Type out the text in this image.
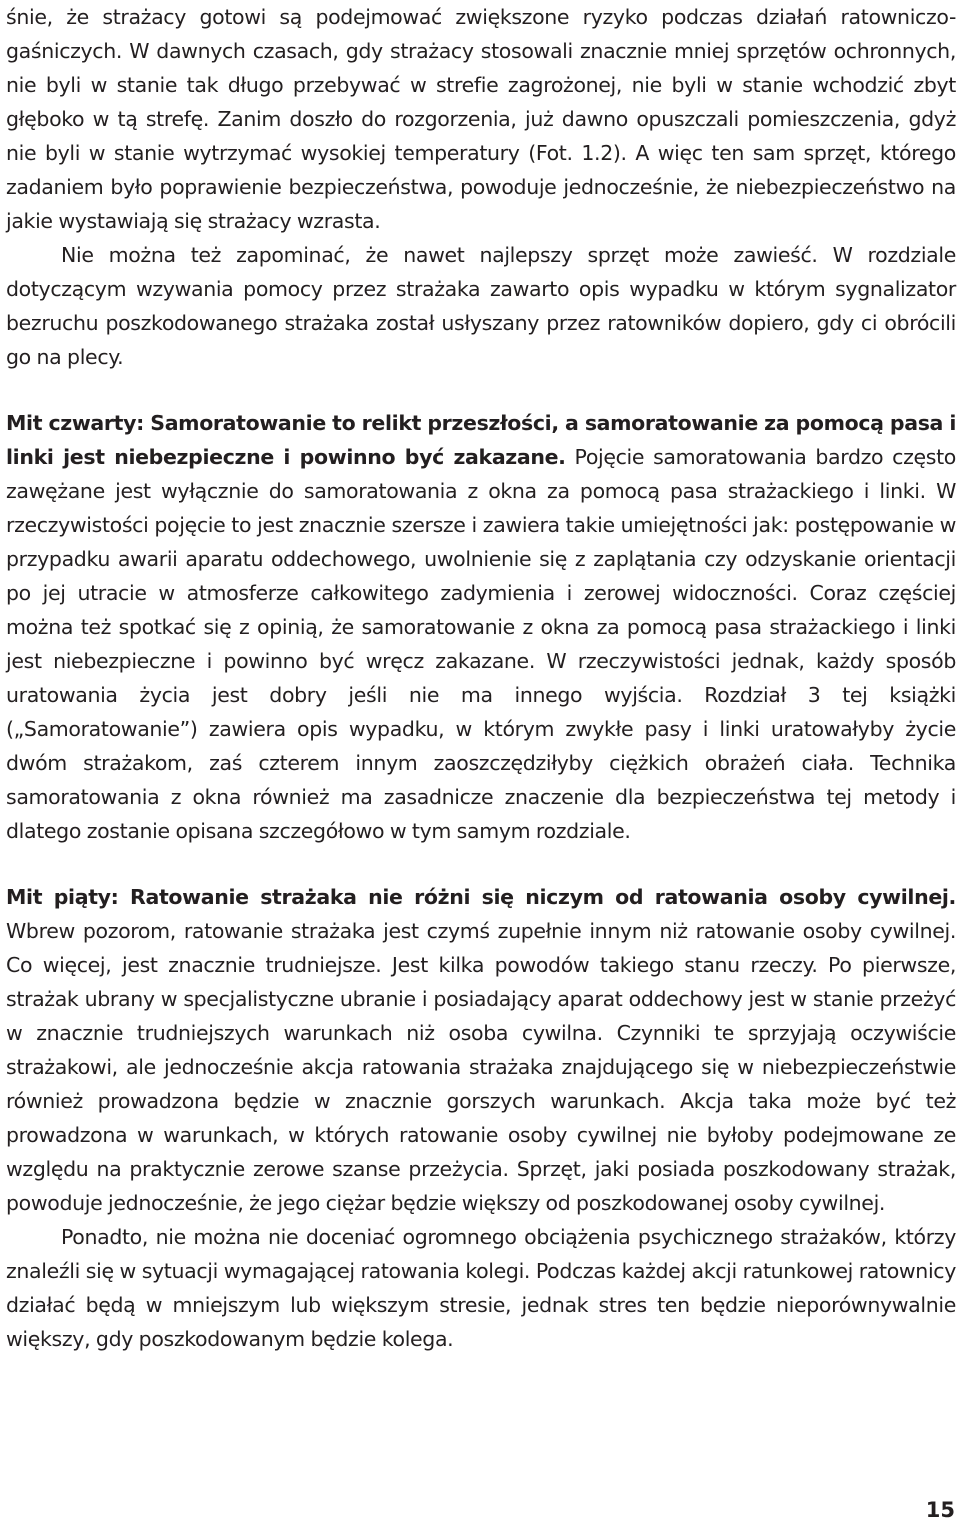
śnie, że strażacy gotowi są podejmować zwiększone ryzyko podczas działań ratowniczo-gaśniczych. W dawnych czasach, gdy strażacy stosowali znacznie mniej sprzętów ochronnych, nie byli w stanie tak długo przebywać w strefie zagrożonej, nie byli w stanie wchodzić zbyt głęboko w tą strefę. Zanim doszło do rozgorzenia, już dawno opuszczali pomieszczenia, gdyż nie byli w stanie wytrzymać wysokiej temperatury (Fot. 1.2). A więc ten sam sprzęt, którego zadaniem było poprawienie bezpieczeństwa, powoduje jednocześnie, że niebezpieczeństwo na jakie wystawiają się strażacy wzrasta.

Nie można też zapominać, że nawet najlepszy sprzęt może zawieść. W rozdziale dotyczącym wzywania pomocy przez strażaka zawarto opis wypadku w którym sygnalizator bezruchu poszkodowanego strażaka został usłyszany przez ratowników dopiero, gdy ci obrócili go na plecy.

Mit czwarty: Samoratowanie to relikt przeszłości, a samoratowanie za pomocą pasa i linki jest niebezpieczne i powinno być zakazane. Pojęcie samoratowania bardzo często zawężane jest wyłącznie do samoratowania z okna za pomocą pasa strażackiego i linki. W rzeczywistości pojęcie to jest znacznie szersze i zawiera takie umiejętności jak: postępowanie w przypadku awarii aparatu oddechowego, uwolnienie się z zaplątania czy odzyskanie orientacji po jej utracie w atmosferze całkowitego zadymienia i zerowej widoczności. Coraz częściej można też spotkać się z opinią, że samoratowanie z okna za pomocą pasa strażackiego i linki jest niebezpieczne i powinno być wręcz zakazane. W rzeczywistości jednak, każdy sposób uratowania życia jest dobry jeśli nie ma innego wyjścia. Rozdział 3 tej książki („Samoratowanie”) zawiera opis wypadku, w którym zwykłe pasy i linki uratowałyby życie dwóm strażakom, zaś czterem innym zaoszczędziłyby ciężkich obrażeń ciała. Technika samoratowania z okna również ma zasadnicze znaczenie dla bezpieczeństwa tej metody i dlatego zostanie opisana szczegółowo w tym samym rozdziale.

Mit piąty: Ratowanie strażaka nie różni się niczym od ratowania osoby cywilnej. Wbrew pozorom, ratowanie strażaka jest czymś zupełnie innym niż ratowanie osoby cywilnej. Co więcej, jest znacznie trudniejsze. Jest kilka powodów takiego stanu rzeczy. Po pierwsze, strażak ubrany w specjalistyczne ubranie i posiadający aparat oddechowy jest w stanie przeżyć w znacznie trudniejszych warunkach niż osoba cywilna. Czynniki te sprzyjają oczywiście strażakowi, ale jednocześnie akcja ratowania strażaka znajdującego się w niebezpieczeństwie również prowadzona będzie w znacznie gorszych warunkach. Akcja taka może być też prowadzona w warunkach, w których ratowanie osoby cywilnej nie byłoby podejmowane ze względu na praktycznie zerowe szanse przeżycia. Sprzęt, jaki posiada poszkodowany strażak, powoduje jednocześnie, że jego ciężar będzie większy od poszkodowanej osoby cywilnej.

Ponadto, nie można nie doceniać ogromnego obciążenia psychicznego strażaków, którzy znaleźli się w sytuacji wymagającej ratowania kolegi. Podczas każdej akcji ratunkowej ratownicy działać będą w mniejszym lub większym stresie, jednak stres ten będzie nieporównywalnie większy, gdy poszkodowanym będzie kolega.

15
